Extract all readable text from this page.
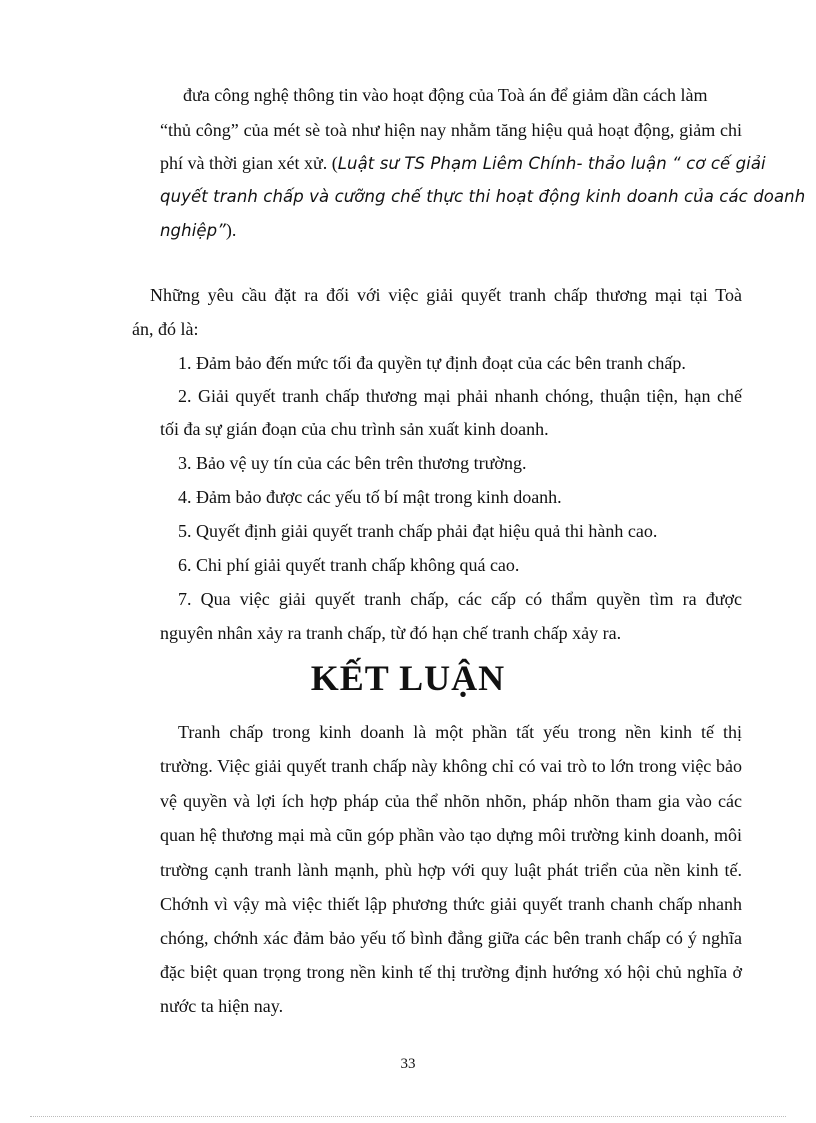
đưa công nghệ thông tin vào hoạt động của Toà án để giảm dần cách làm
“thủ công” của mét sè toà như hiện nay nhằm tăng hiệu quả hoạt động, giảm chi
phí và thời gian xét xử. (Luật sư TS Phạm Liêm Chính- thảo luận “ cơ cế giải
quyết tranh chấp và cưỡng chế thực thi hoạt động kinh doanh của các doanh
nghiệp”).
Những yêu cầu đặt ra đối với việc giải quyết tranh chấp thương mại tại Toà
án, đó là:
1. Đảm bảo đến mức tối đa quyền tự định đoạt của các bên tranh chấp.
2. Giải quyết tranh chấp thương mại phải nhanh chóng, thuận tiện, hạn chế
tối đa sự gián đoạn của chu trình sản xuất kinh doanh.
3. Bảo vệ uy tín của các bên trên thương trường.
4. Đảm bảo được các yếu tố bí mật trong kinh doanh.
5. Quyết định giải quyết tranh chấp phải đạt hiệu quả thi hành cao.
6. Chi phí giải quyết tranh chấp không quá cao.
7. Qua việc giải quyết tranh chấp, các cấp có thẩm quyền tìm ra được
nguyên nhân xảy ra tranh chấp, từ đó hạn chế tranh chấp xảy ra.
KẾT LUẬN
Tranh chấp trong kinh doanh là một phần tất yếu trong nền kinh tế thị
trường. Việc giải quyết tranh chấp này không chỉ có vai trò to lớn trong việc bảo
vệ quyền và lợi ích hợp pháp của thể nhõn nhõn, pháp nhõn tham gia vào các
quan hệ thương mại mà cũn góp phần vào tạo dựng môi trường kinh doanh, môi
trường cạnh tranh lành mạnh, phù hợp với quy luật phát triển của nền kinh tế.
Chớnh vì vậy mà việc thiết lập phương thức giải quyết tranh chanh chấp nhanh
chóng, chớnh xác đảm bảo yếu tố bình đẳng giữa các bên tranh chấp có ý nghĩa
đặc biệt quan trọng trong nền kinh tế thị trường định hướng xó hội chủ nghĩa ở
nước ta hiện nay.
33
